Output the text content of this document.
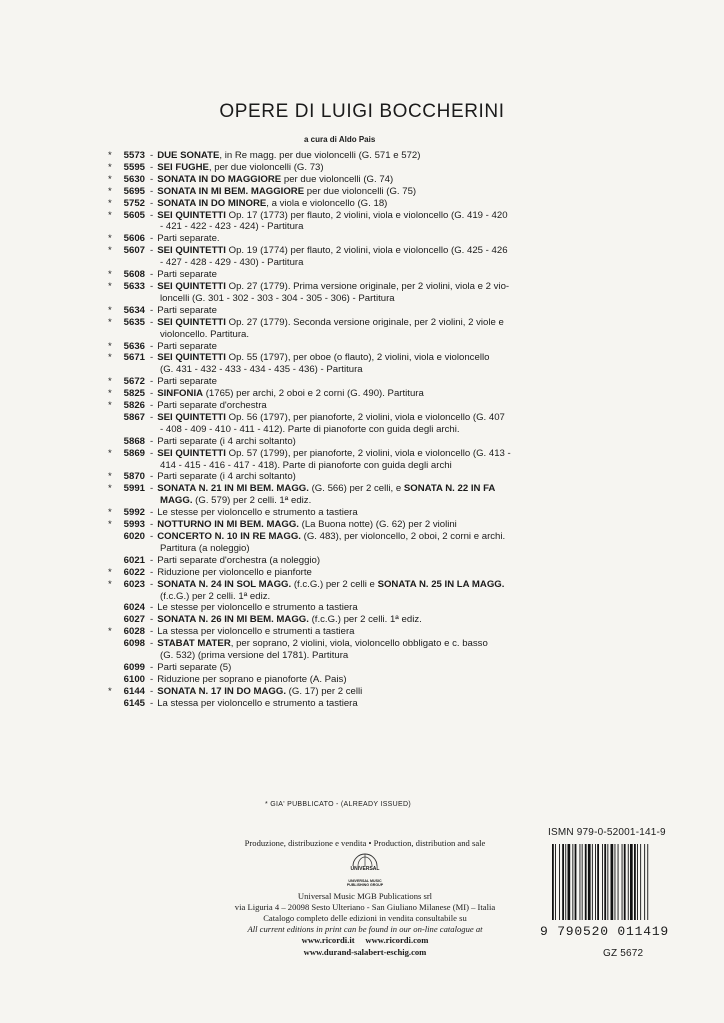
OPERE DI LUIGI BOCCHERINI
a cura di Aldo Pais
*	5573 - DUE SONATE, in Re magg. per due violoncelli (G. 571 e 572)
*	5595 - SEI FUGHE, per due violoncelli (G. 73)
*	5630 - SONATA IN DO MAGGIORE per due violoncelli (G. 74)
*	5695 - SONATA IN MI BEM. MAGGIORE per due violoncelli (G. 75)
*	5752 - SONATA IN DO MINORE, a viola e violoncello (G. 18)
*	5605 - SEI QUINTETTI Op. 17 (1773) per flauto, 2 violini, viola e violoncello (G. 419 - 420
- 421 - 422 - 423 - 424) - Partitura
*	5606 - Parti separate.
*	5607 - SEI QUINTETTI Op. 19 (1774) per flauto, 2 violini, viola e violoncello (G. 425 - 426
- 427 - 428 - 429 - 430) - Partitura
*	5608 - Parti separate
*	5633 - SEI QUINTETTI Op. 27 (1779). Prima versione originale, per 2 violini, viola e 2 vio-
loncelli (G. 301 - 302 - 303 - 304 - 305 - 306) - Partitura
*	5634 - Parti separate
*	5635 - SEI QUINTETTI Op. 27 (1779). Seconda versione originale, per 2 violini, 2 viole e
violoncello. Partitura.
*	5636 - Parti separate
*	5671 - SEI QUINTETTI Op. 55 (1797), per oboe (o flauto), 2 violini, viola e violoncello
(G. 431 - 432 - 433 - 434 - 435 - 436) - Partitura
*	5672 - Parti separate
*	5825 - SINFONIA (1765) per archi, 2 oboi e 2 corni (G. 490). Partitura
*	5826 - Parti separate d'orchestra
5867 - SEI QUINTETTI Op. 56 (1797), per pianoforte, 2 violini, viola e violoncello (G. 407
- 408 - 409 - 410 - 411 - 412). Parte di pianoforte con guida degli archi.
5868 - Parti separate (i 4 archi soltanto)
*	5869 - SEI QUINTETTI Op. 57 (1799), per pianoforte, 2 violini, viola e violoncello (G. 413 -
414 - 415 - 416 - 417 - 418). Parte di pianoforte con guida degli archi
*	5870 - Parti separate (i 4 archi soltanto)
*	5991 - SONATA N. 21 IN MI BEM. MAGG. (G. 566) per 2 celli, e SONATA N. 22 IN FA
MAGG. (G. 579) per 2 celli. 1ª ediz.
*	5992 - Le stesse per violoncello e strumento a tastiera
*	5993 - NOTTURNO IN MI BEM. MAGG. (La Buona notte) (G. 62) per 2 violini
6020 - CONCERTO N. 10 IN RE MAGG. (G. 483), per violoncello, 2 oboi, 2 corni e archi.
Partitura (a noleggio)
6021 - Parti separate d'orchestra (a noleggio)
*	6022 - Riduzione per violoncello e pianforte
*	6023 - SONATA N. 24 IN SOL MAGG. (f.c.G.) per 2 celli e SONATA N. 25 IN LA MAGG.
(f.c.G.) per 2 celli. 1ª ediz.
6024 - Le stesse per violoncello e strumento a tastiera
6027 - SONATA N. 26 IN MI BEM. MAGG. (f.c.G.) per 2 celli. 1ª ediz.
*	6028 - La stessa per violoncello e strumenti a tastiera
6098 - STABAT MATER, per soprano, 2 violini, viola, violoncello obbligato e c. basso
(G. 532) (prima versione del 1781). Partitura
6099 - Parti separate (5)
6100 - Riduzione per soprano e pianoforte (A. Pais)
*	6144 - SONATA N. 17 IN DO MAGG. (G. 17) per 2 celli
6145 - La stessa per violoncello e strumento a tastiera
* GIA' PUBBLICATO - (ALREADY ISSUED)
ISMN 979-0-52001-141-9
9 790520 011419
GZ 5672
Produzione, distribuzione e vendita • Production, distribution and sale
UNIVERSAL
UNIVERSAL MUSIC
PUBLISHING GROUP
Universal Music MGB Publications srl
via Liguria 4 – 20098 Sesto Ulteriano - San Giuliano Milanese (MI) – Italia
Catalogo completo delle edizioni in vendita consultabile su
All current editions in print can be found in our on-line catalogue at
www.ricordi.it www.ricordi.com
www.durand-salabert-eschig.com
